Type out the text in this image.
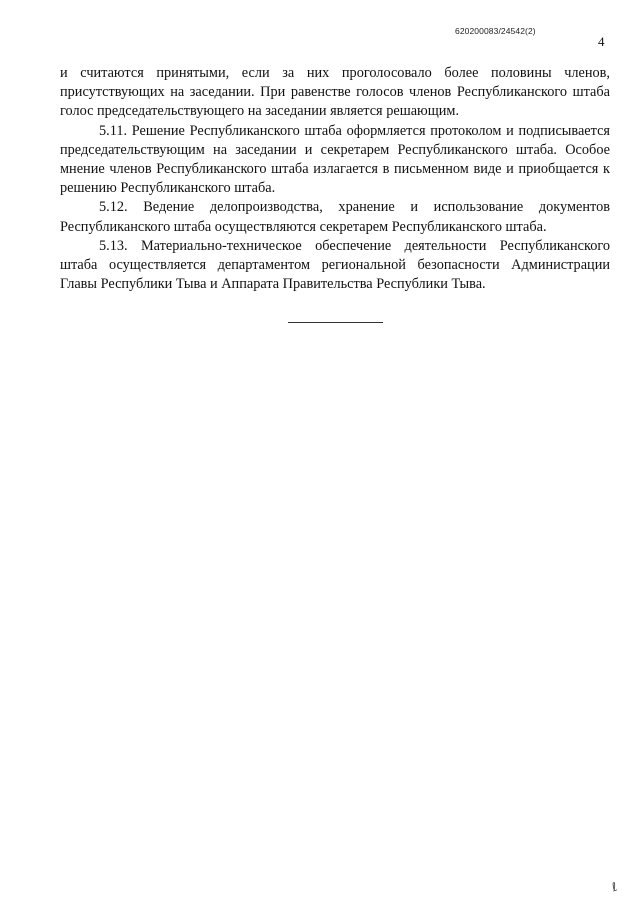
620200083/24542(2)
4

и считаются принятыми, если за них проголосовало более половины членов, присутствующих на заседании. При равенстве голосов членов Республиканского штаба голос председательствующего на заседании является решающим.

5.11. Решение Республиканского штаба оформляется протоколом и подписывается председательствующим на заседании и секретарем Республиканского штаба. Особое мнение членов Республиканского штаба излагается в письменном виде и приобщается к решению Республиканского штаба.

5.12. Ведение делопроизводства, хранение и использование документов Республиканского штаба осуществляются секретарем Республиканского штаба.

5.13. Материально-техническое обеспечение деятельности Республиканского штаба осуществляется департаментом региональной безопасности Администрации Главы Республики Тыва и Аппарата Правительства Республики Тыва.

ℓ
